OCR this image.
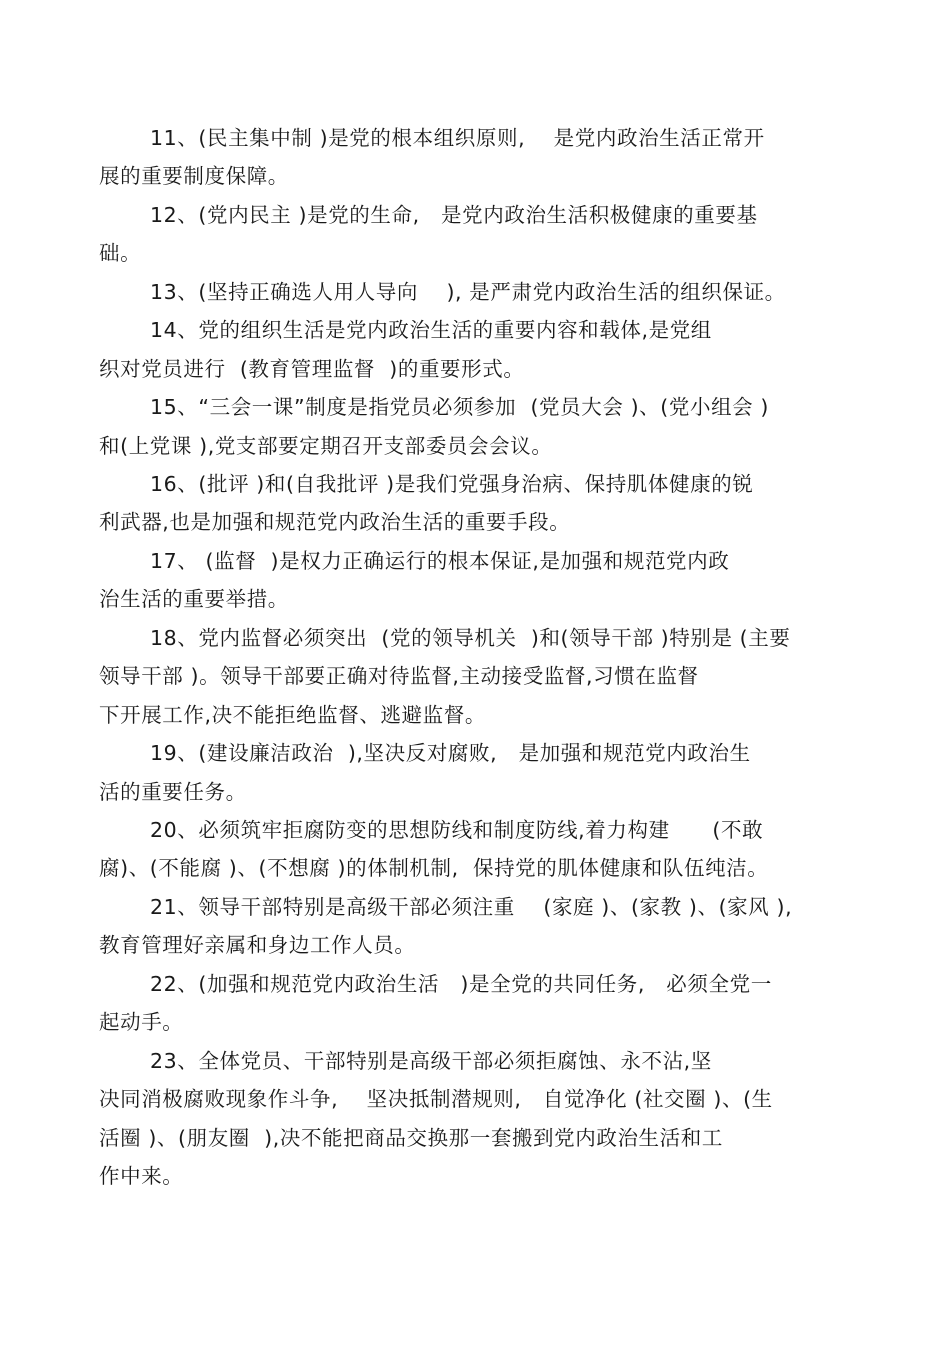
11、(民主集中制 )是党的根本组织原则,    是党内政治生活正常开
展的重要制度保障。
12、(党内民主 )是党的生命,   是党内政治生活积极健康的重要基
础。
13、(坚持正确选人用人导向    ), 是严肃党内政治生活的组织保证。
14、党的组织生活是党内政治生活的重要内容和载体,是党组
织对党员进行  (教育管理监督  )的重要形式。
15、“三会一课”制度是指党员必须参加  (党员大会 )、(党小组会 )
和(上党课 ),党支部要定期召开支部委员会会议。
16、(批评 )和(自我批评 )是我们党强身治病、保持肌体健康的锐
利武器,也是加强和规范党内政治生活的重要手段。
17、 (监督  )是权力正确运行的根本保证,是加强和规范党内政
治生活的重要举措。
18、党内监督必须突出  (党的领导机关  )和(领导干部 )特别是 (主要
领导干部 )。领导干部要正确对待监督,主动接受监督,习惯在监督
下开展工作,决不能拒绝监督、逃避监督。
19、(建设廉洁政治  ),坚决反对腐败,   是加强和规范党内政治生
活的重要任务。
20、必须筑牢拒腐防变的思想防线和制度防线,着力构建      (不敢
腐)、(不能腐 )、(不想腐 )的体制机制,  保持党的肌体健康和队伍纯洁。
21、领导干部特别是高级干部必须注重    (家庭 )、(家教 )、(家风 ),
教育管理好亲属和身边工作人员。
22、(加强和规范党内政治生活   )是全党的共同任务,   必须全党一
起动手。
23、全体党员、干部特别是高级干部必须拒腐蚀、永不沾,坚
决同消极腐败现象作斗争,    坚决抵制潜规则,   自觉净化 (社交圈 )、(生
活圈 )、(朋友圈  ),决不能把商品交换那一套搬到党内政治生活和工
作中来。
